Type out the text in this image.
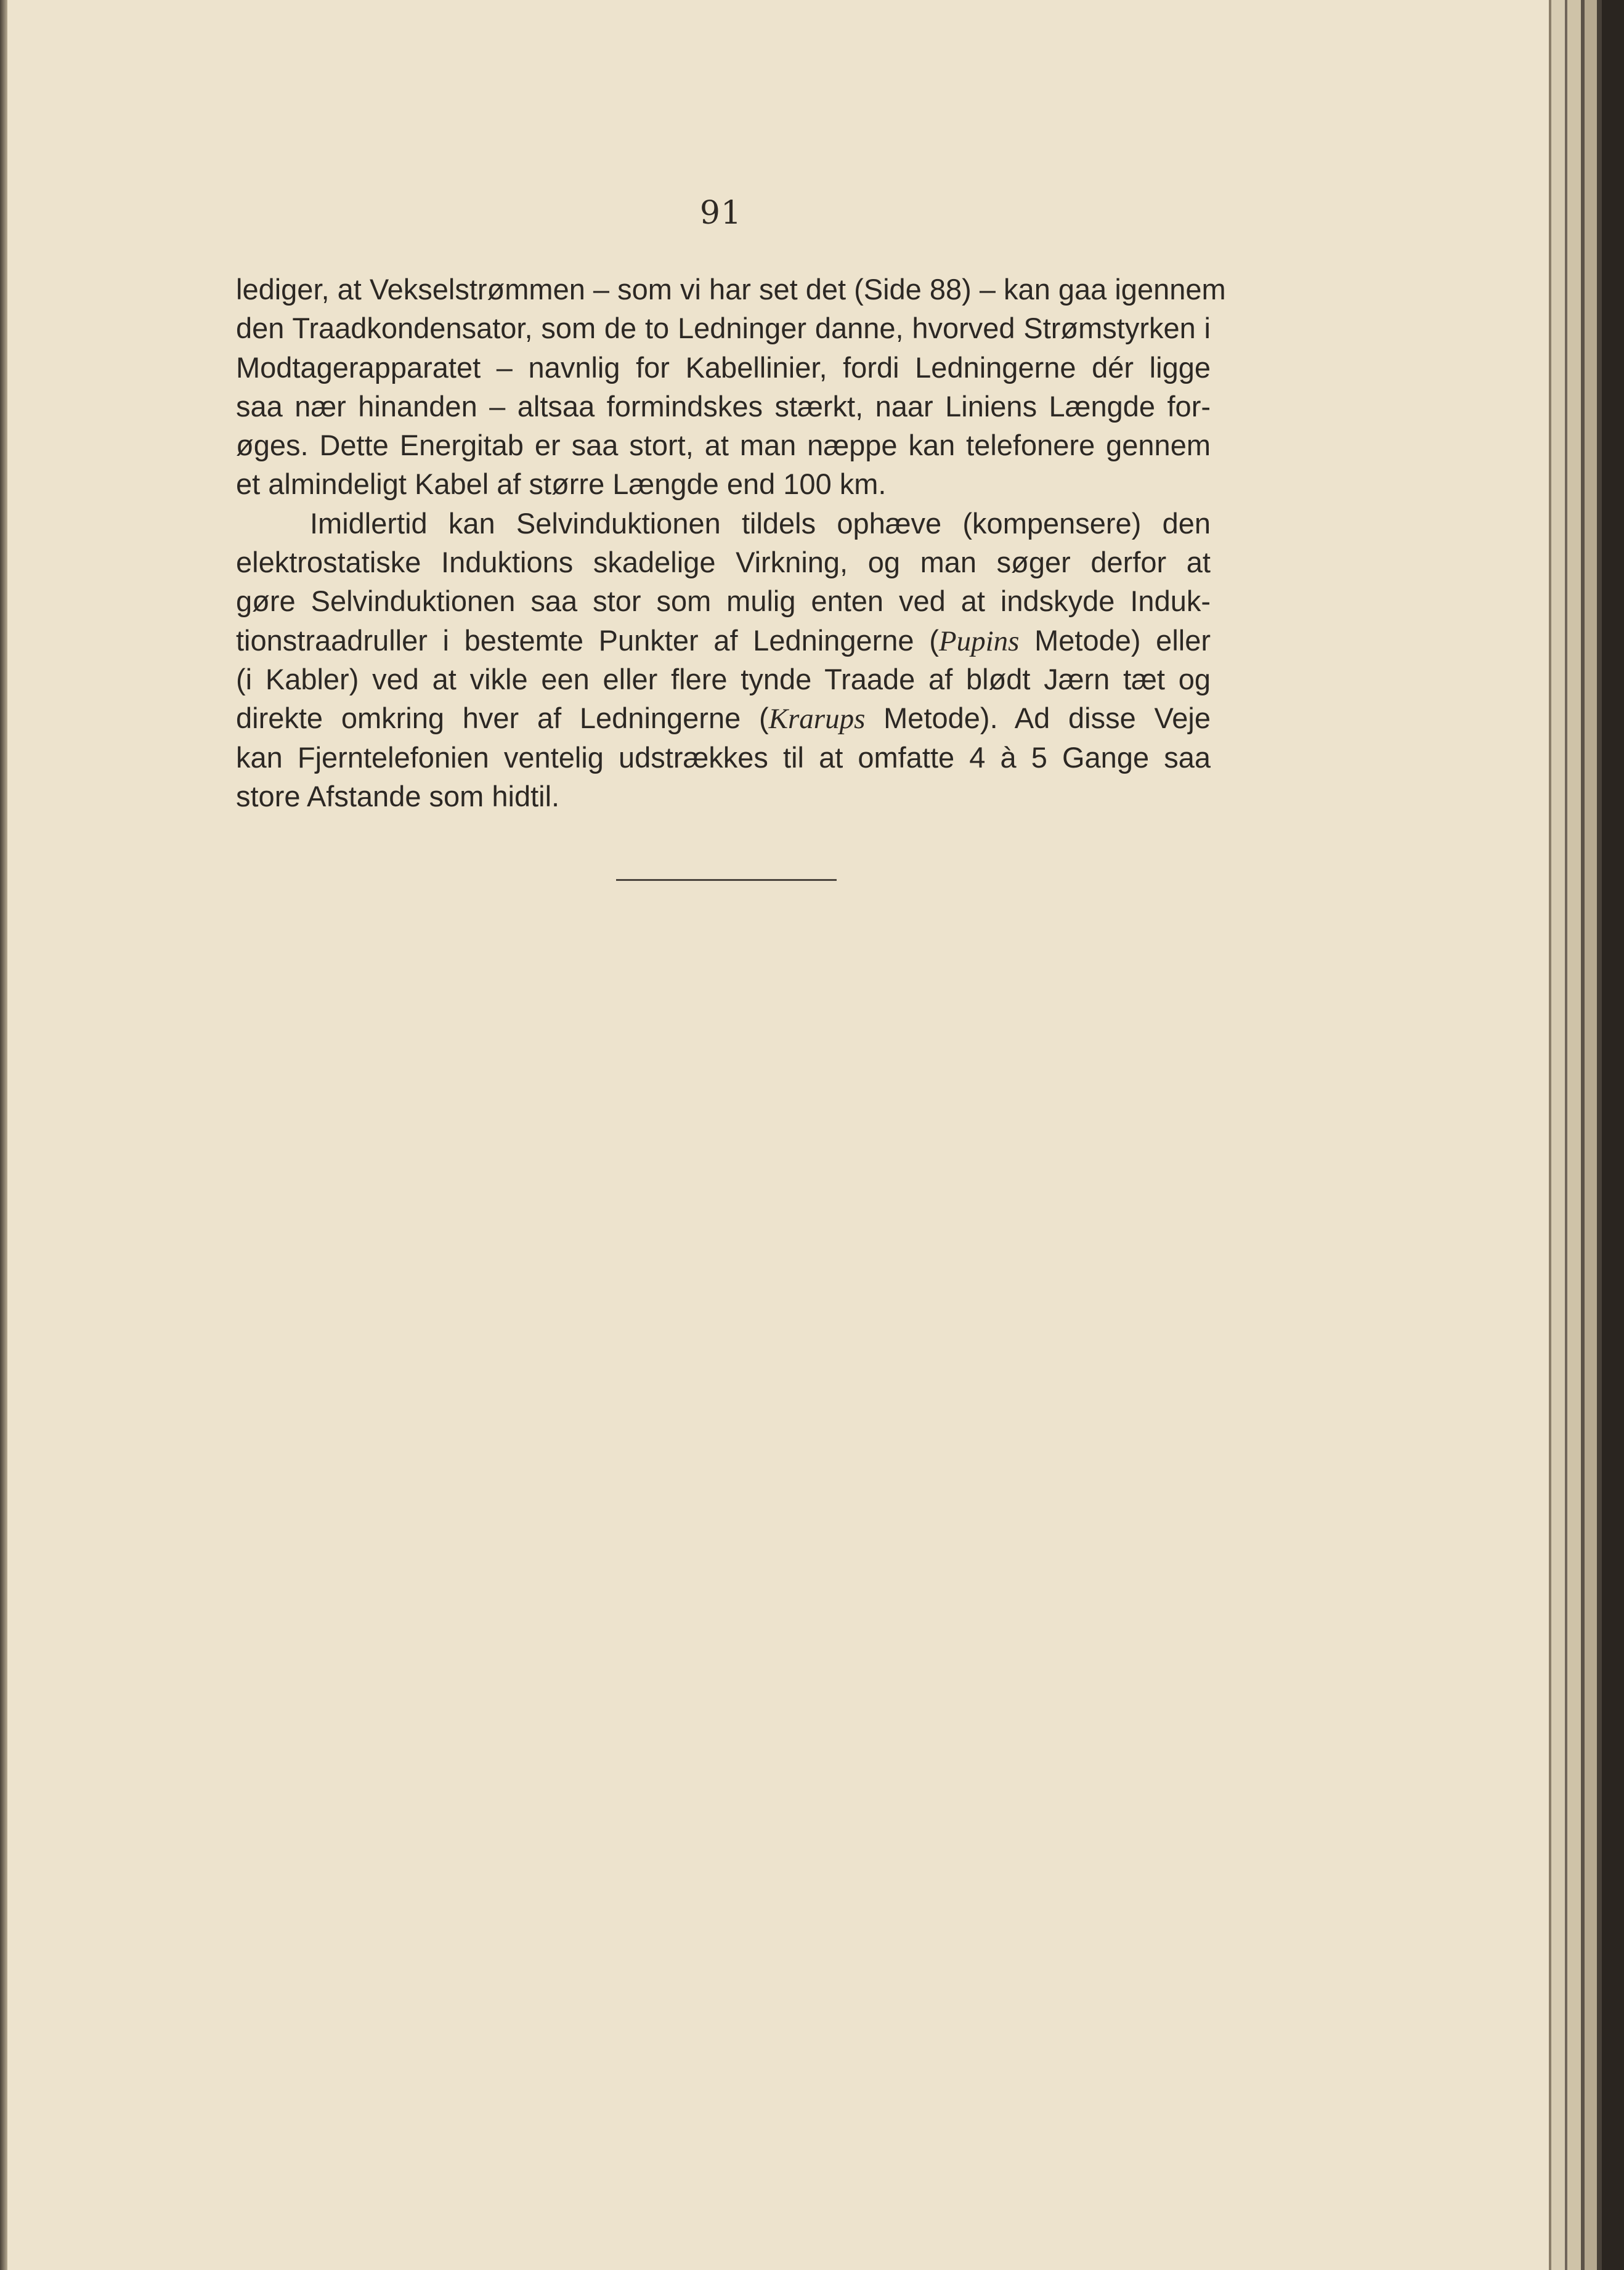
91
lediger, at Vekselstrømmen – som vi har set det (Side 88) – kan gaa igennem
den Traadkondensator, som de to Ledninger danne, hvorved Strømstyrken i
Modtagerapparatet – navnlig for Kabellinier, fordi Ledningerne dér ligge
saa nær hinanden – altsaa formindskes stærkt, naar Liniens Længde for-
øges. Dette Energitab er saa stort, at man næppe kan telefonere gennem
et almindeligt Kabel af større Længde end 100 km.
Imidlertid kan Selvinduktionen tildels ophæve (kompensere) den
elektrostatiske Induktions skadelige Virkning, og man søger derfor at
gøre Selvinduktionen saa stor som mulig enten ved at indskyde Induk-
tionstraadruller i bestemte Punkter af Ledningerne (Pupins Metode) eller
(i Kabler) ved at vikle een eller flere tynde Traade af blødt Jærn tæt og
direkte omkring hver af Ledningerne (Krarups Metode). Ad disse Veje
kan Fjerntelefonien ventelig udstrækkes til at omfatte 4 à 5 Gange saa
store Afstande som hidtil.
